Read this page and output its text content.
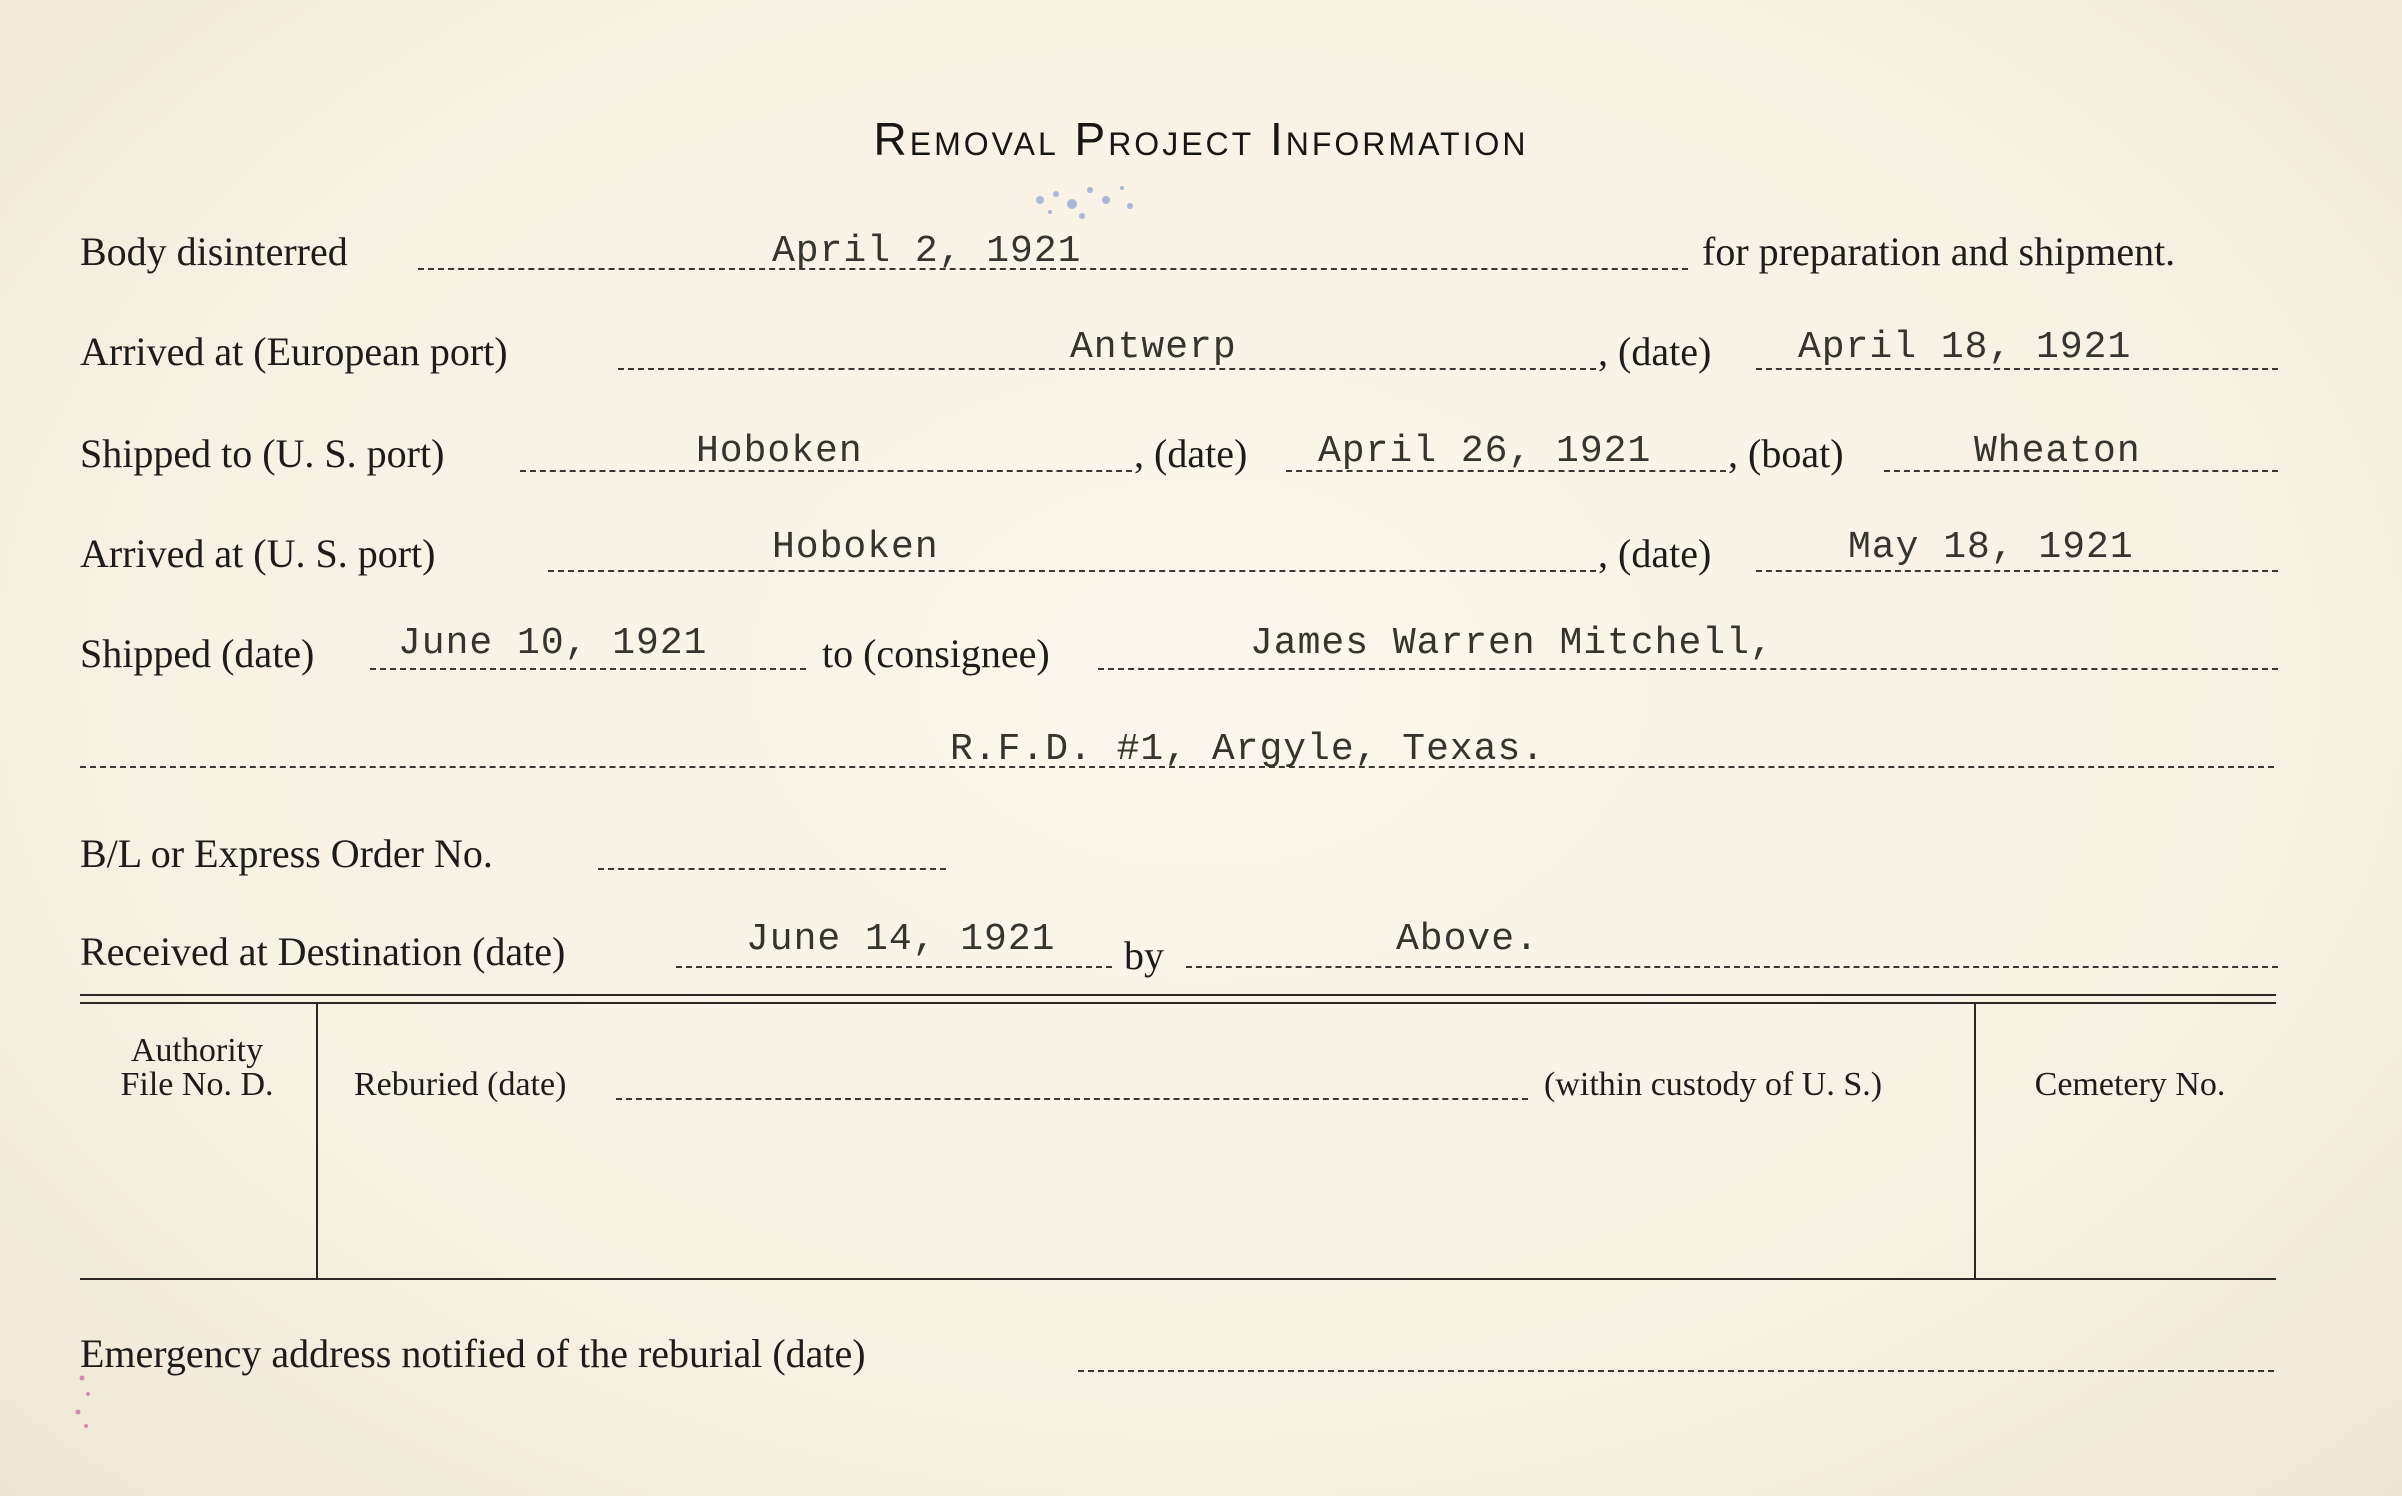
Removal Project Information
Body disinterred	April 2, 1921	for preparation and shipment.
Arrived at (European port)	Antwerp	, (date) April 18, 1921
Shipped to (U. S. port)	Hoboken	, (date) April 26, 1921 , (boat)	Wheaton
Arrived at (U. S. port)	Hoboken	, (date)	May 18, 1921
Shipped (date) June 10, 1921	to (consignee)	James Warren Mitchell,
R.F.D. #1, Argyle, Texas.
B/L or Express Order No.
Received at Destination (date)	June 14, 1921 by	Above.
Authority
File No. D.	Reburied (date)	(within custody of U. S.)	Cemetery No.
Emergency address notified of the reburial (date)
